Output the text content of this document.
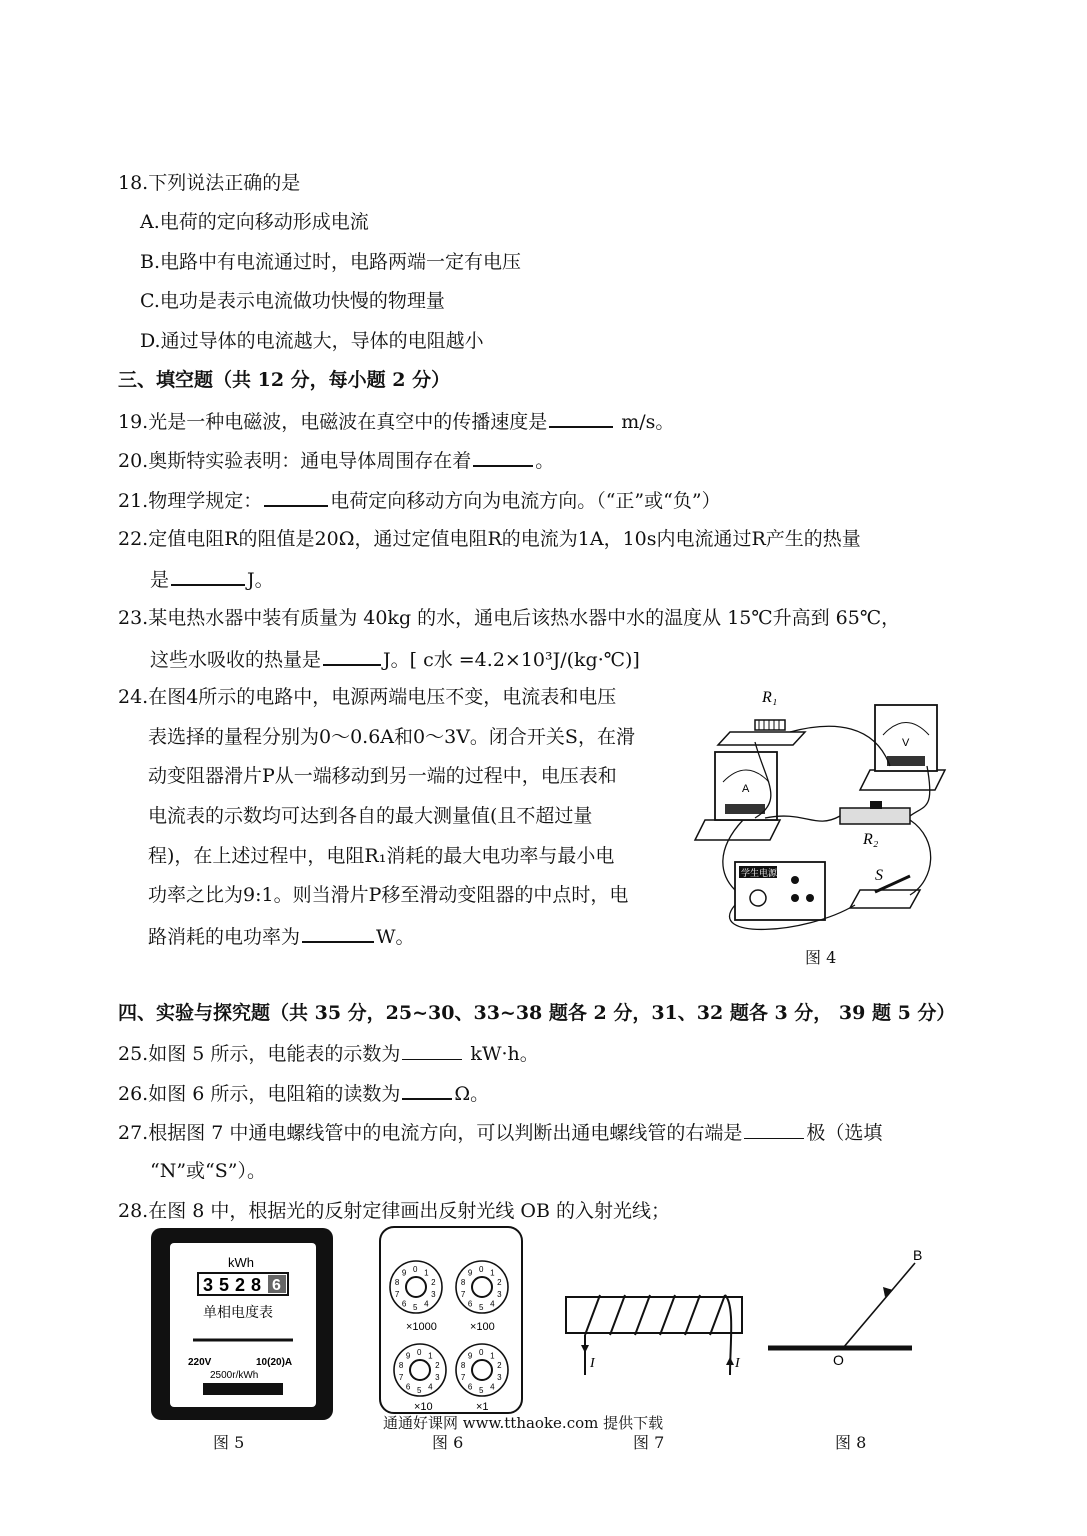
18.下列说法正确的是
A.电荷的定向移动形成电流
B.电路中有电流通过时，电路两端一定有电压
C.电功是表示电流做功快慢的物理量
D.通过导体的电流越大，导体的电阻越小
三、填空题（共 12 分，每小题 2 分）
19.光是一种电磁波，电磁波在真空中的传播速度是	m/s。
20.奥斯特实验表明：通电导体周围存在着	。
21.物理学规定：	电荷定向移动方向为电流方向。（“正”或“负”）
22.定值电阻R的阻值是20Ω，通过定值电阻R的电流为1A，10s内电流通过R产生的热量
是	J。
23.某电热水器中装有质量为 40kg 的水，通电后该热水器中水的温度从 15℃升高到 65℃，
这些水吸收的热量是	J。[ c水 =4.2×10³J/(kg·℃)]
24.在图4所示的电路中，电源两端电压不变，电流表和电压
表选择的量程分别为0～0.6A和0～3V。闭合开关S，在滑
动变阻器滑片P从一端移动到另一端的过程中，电压表和
电流表的示数均可达到各自的最大测量值(且不超过量
程)，在上述过程中，电阻R₁消耗的最大电功率与最小电
功率之比为9:1。则当滑片P移至滑动变阻器的中点时，电
路消耗的电功率为	W。
R₁
V
A
R₂
学生电源	S
图 4
四、实验与探究题（共 35 分，25~30、33~38 题各 2 分，31、32 题各 3 分， 39 题 5 分）
25.如图 5 所示，电能表的示数为	kW·h。
26.如图 6 所示，电阻箱的读数为	Ω。
27.根据图 7 中通电螺线管中的电流方向，可以判断出通电螺线管的右端是	极（选填
“N”或“S”）。
28.在图 8 中，根据光的反射定律画出反射光线 OB 的入射光线；
kWh
3 5 2 8 6
单相电度表
220V	10(20)A
2500r/kWh
图 5
0 1
2
3
4
5
6
7
8
9	0 1
2
3
4
5
6
7
8
9
0 1
2
3
4
5
6
7
8
9	0 1
2
3
4
5
6
7
8
9
×1000	×100
×10	×1
图 6
通通好课网 www.tthaoke.com 提供下载
I	I
图 7
B
O
图 8
